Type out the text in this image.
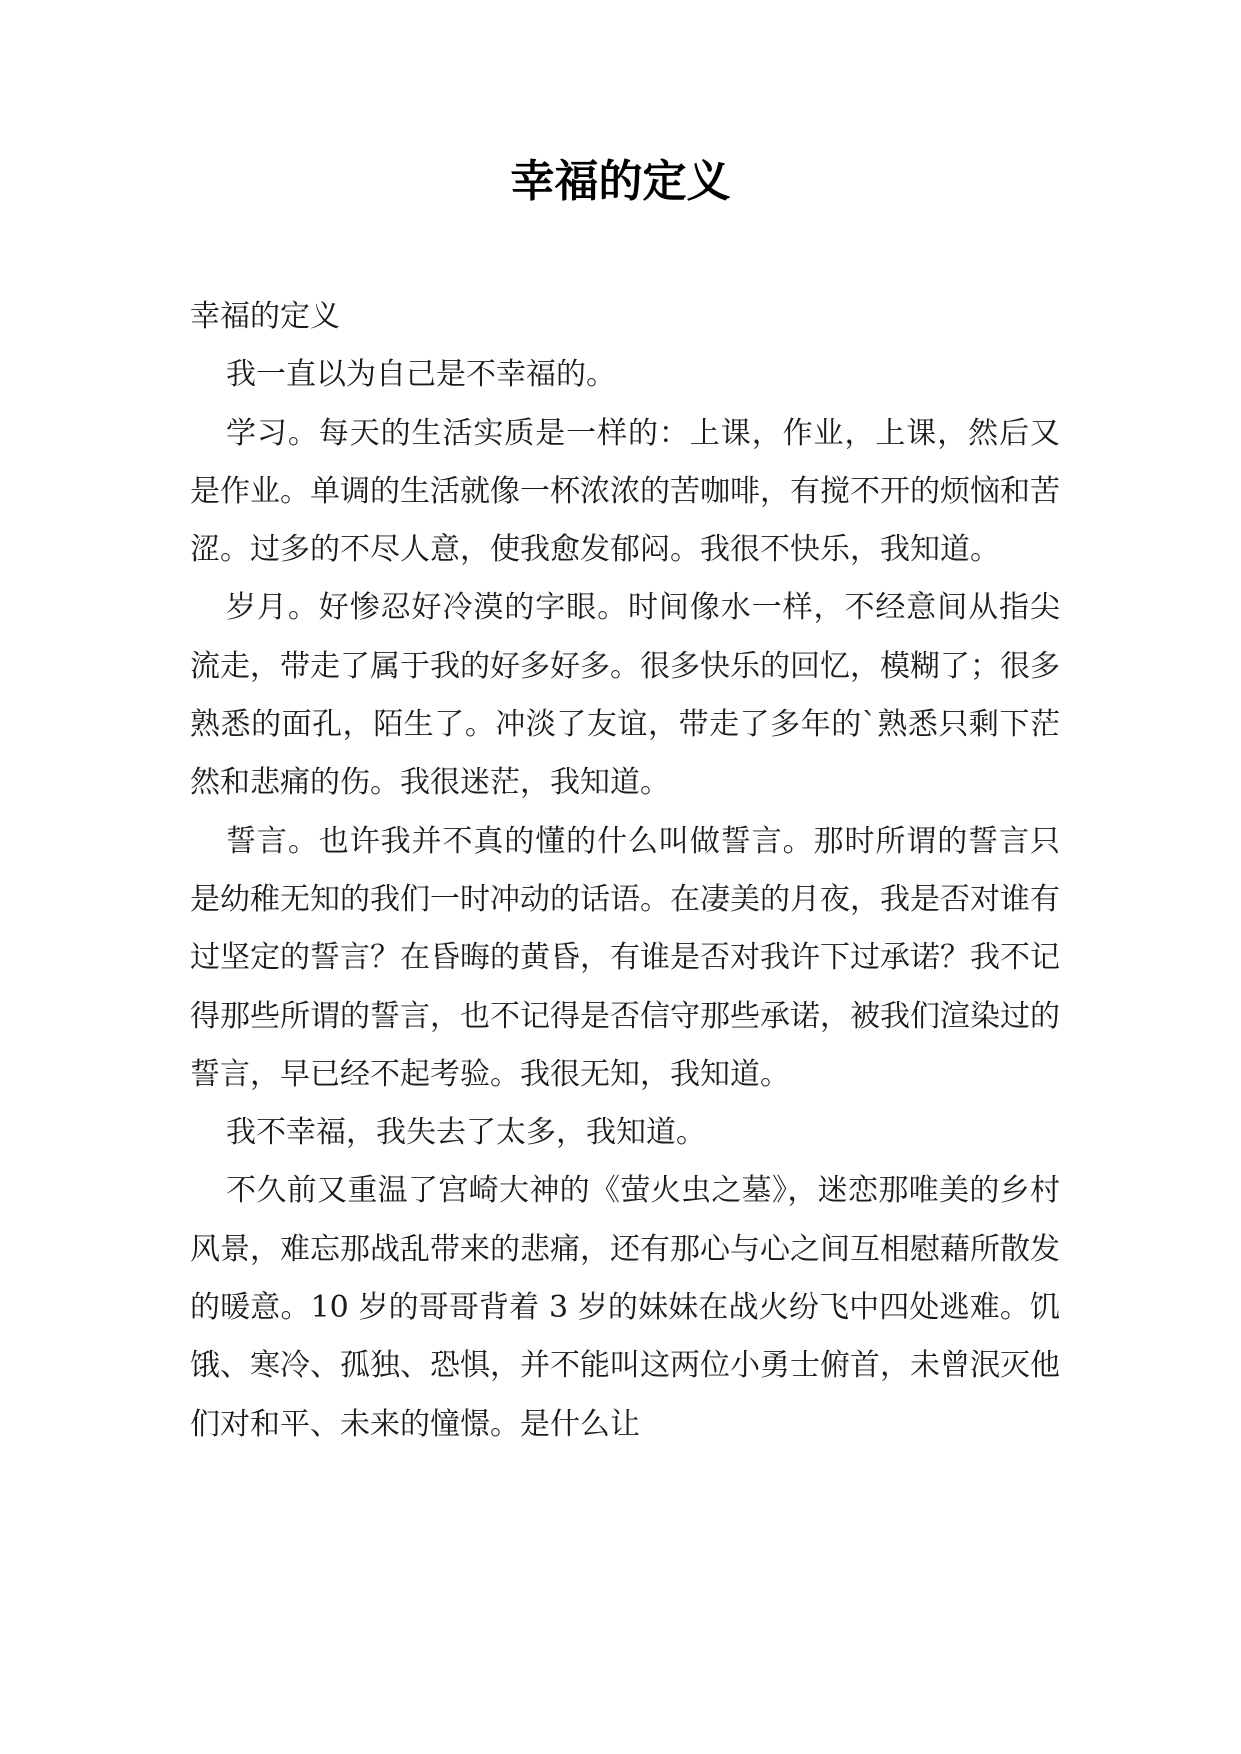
幸福的定义

幸福的定义

我一直以为自己是不幸福的。

学习。每天的生活实质是一样的：上课，作业，上课，然后又是作业。单调的生活就像一杯浓浓的苦咖啡，有搅不开的烦恼和苦涩。过多的不尽人意，使我愈发郁闷。我很不快乐，我知道。

岁月。好惨忍好冷漠的字眼。时间像水一样，不经意间从指尖流走，带走了属于我的好多好多。很多快乐的回忆，模糊了；很多熟悉的面孔，陌生了。冲淡了友谊，带走了多年的`熟悉只剩下茫然和悲痛的伤。我很迷茫，我知道。

誓言。也许我并不真的懂的什么叫做誓言。那时所谓的誓言只是幼稚无知的我们一时冲动的话语。在凄美的月夜，我是否对谁有过坚定的誓言？在昏晦的黄昏，有谁是否对我许下过承诺？我不记得那些所谓的誓言，也不记得是否信守那些承诺，被我们渲染过的誓言，早已经不起考验。我很无知，我知道。

我不幸福，我失去了太多，我知道。

不久前又重温了宫崎大神的《萤火虫之墓》，迷恋那唯美的乡村风景，难忘那战乱带来的悲痛，还有那心与心之间互相慰藉所散发的暖意。10 岁的哥哥背着 3 岁的妹妹在战火纷飞中四处逃难。饥饿、寒冷、孤独、恐惧，并不能叫这两位小勇士俯首，未曾泯灭他们对和平、未来的憧憬。是什么让
